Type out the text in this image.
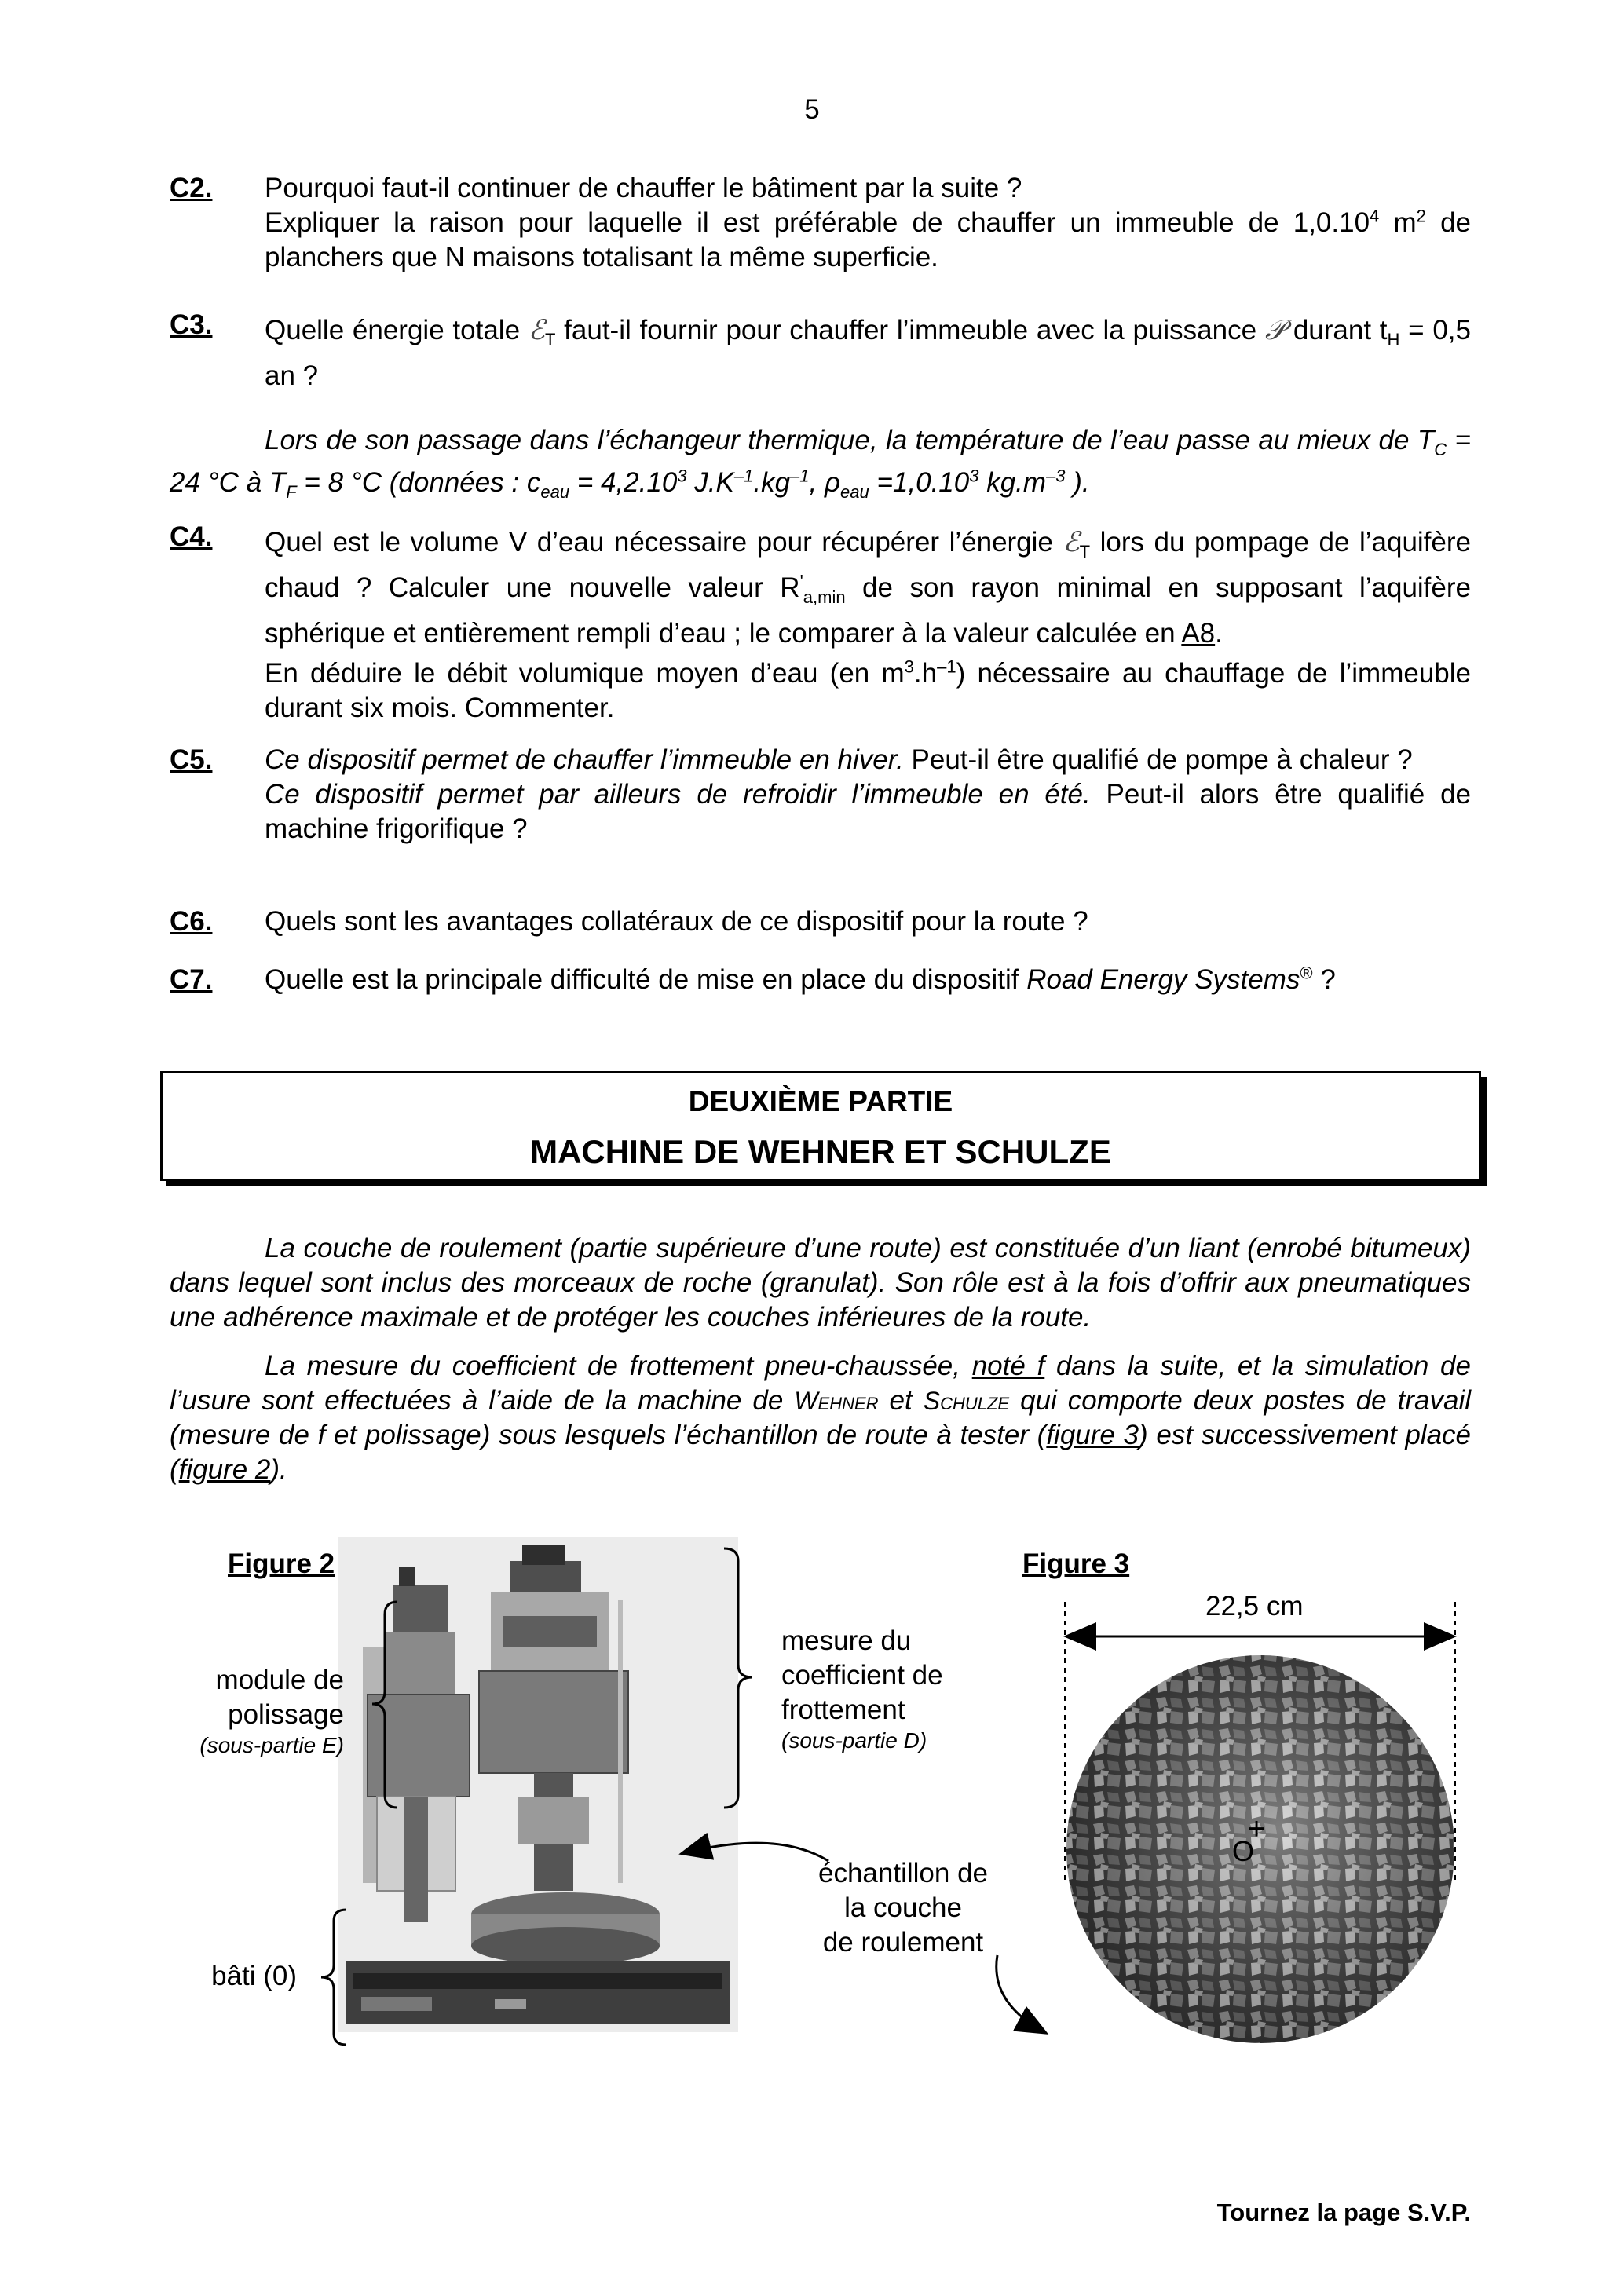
5
C2. Pourquoi faut-il continuer de chauffer le bâtiment par la suite ?
Expliquer la raison pour laquelle il est préférable de chauffer un immeuble de 1,0.10$^4$ $m^2$ de planchers que N maisons totalisant la même superficie.
C3. Quelle énergie totale ℰ$_T$ faut-il fournir pour chauffer l’immeuble avec la puissance 𝒫 durant $t_H = 0,5$ an ?
Lors de son passage dans l’échangeur thermique, la température de l’eau passe au mieux de $T_C = 24$ °C à $T_F = 8$ °C (données : $c_{eau} = 4,2.10^3$ $J.K^{-1}.kg^{-1}$, $\rho_{eau} =1,0.10^3$ $kg.m^{-3}$ ).
C4. Quel est le volume V d’eau nécessaire pour récupérer l’énergie ℰ$_T$ lors du pompage de l’aquifère chaud ? Calculer une nouvelle valeur $R'_{a,min}$ de son rayon minimal en supposant l’aquifère sphérique et entièrement rempli d’eau ; le comparer à la valeur calculée en A8.
En déduire le débit volumique moyen d’eau (en $m^3.h^{-1}$) nécessaire au chauffage de l’immeuble durant six mois. Commenter.
C5. Ce dispositif permet de chauffer l’immeuble en hiver. Peut-il être qualifié de pompe à chaleur ?
Ce dispositif permet par ailleurs de refroidir l’immeuble en été. Peut-il alors être qualifié de machine frigorifique ?
C6. Quels sont les avantages collatéraux de ce dispositif pour la route ?
C7. Quelle est la principale difficulté de mise en place du dispositif Road Energy Systems® ?
DEUXIÈME PARTIE
MACHINE DE WEHNER ET SCHULZE
La couche de roulement (partie supérieure d’une route) est constituée d’un liant (enrobé bitumeux) dans lequel sont inclus des morceaux de roche (granulat). Son rôle est à la fois d’offrir aux pneumatiques une adhérence maximale et de protéger les couches inférieures de la route.
La mesure du coefficient de frottement pneu-chaussée, noté f dans la suite, et la simulation de l’usure sont effectuées à l’aide de la machine de Wehner et Schulze qui comporte deux postes de travail (mesure de f et polissage) sous lesquels l’échantillon de route à tester (figure 3) est successivement placé (figure 2).
Figure 2
module de
polissage
(sous-partie E)
bâti (0)
mesure du
coefficient de
frottement
(sous-partie D)
échantillon de
la couche
de roulement
Figure 3
22,5 cm
+
O
Tournez la page S.V.P.
